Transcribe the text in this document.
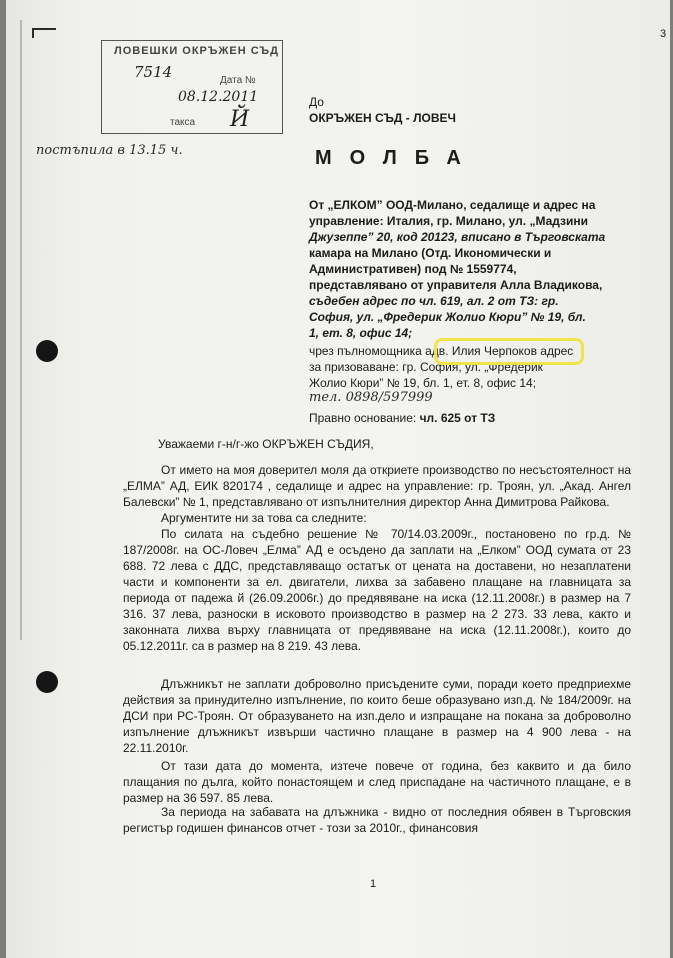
3
ЛОВЕШКИ ОКРЪЖЕН СЪД
7514	Дата №
08.12.2011
такса Й
постъпила в 13.15 ч.
До
ОКРЪЖЕН СЪД - ЛОВЕЧ
МОЛБА
От „ЕЛКОМ” ООД-Милано, седалище и адрес на
управление: Италия, гр. Милано, ул. „Мадзини
Джузеппе” 20, код 20123, вписано в Търговската
камара на Милано (Отд. Икономически и
Административен) под № 1559774,
представлявано от управителя Алла Владикова,
съдебен адрес по чл. 619, ал. 2 от ТЗ: гр.
София, ул. „Фредерик Жолио Кюри” № 19, бл.
1, ет. 8, офис 14;
чрез пълномощника адв. Илия Черпоков адрес
за призоваване: гр. София, ул. „Фредерик
Жолио Кюри” № 19, бл. 1, ет. 8, офис 14;
тел. 0898/597999
Правно основание: чл. 625 от ТЗ
Уважаеми г-н/г-жо ОКРЪЖЕН СЪДИЯ,

От името на моя доверител моля да откриете производство по несъстоятелност на „ЕЛМА” АД, ЕИК 820174 , седалище и адрес на управление: гр. Троян, ул. „Акад. Ангел Балевски” № 1, представлявано от изпълнителния директор Анна Димитрова Райкова.

Аргументите ни за това са следните:

По силата на съдебно решение № 70/14.03.2009г., постановено по гр.д. № 187/2008г. на ОС-Ловеч „Елма” АД е осъдено да заплати на „Елком” ООД сумата от 23 688. 72 лева с ДДС, представляващо остатък от цената на доставени, но незаплатени части и компоненти за ел. двигатели, лихва за забавено плащане на главницата за периода от падежа й (26.09.2006г.) до предявяване на иска (12.11.2008г.) в размер на 7 316. 37 лева, разноски в исковото производство в размер на 2 273. 33 лева, както и законната лихва върху главницата от предявяване на иска (12.11.2008г.), които до 05.12.2011г. са в размер на 8 219. 43 лева.

Длъжникът не заплати доброволно присъдените суми, поради което предприехме действия за принудително изпълнение, по които беше образувано изп.д. № 184/2009г. на ДСИ при РС-Троян. От образуването на изп.дело и изпращане на покана за доброволно изпълнение длъжникът извърши частично плащане в размер на 4 900 лева - на 22.11.2010г.

От тази дата до момента, изтече повече от година, без каквито и да било плащания по дълга, който понастоящем и след приспадане на частичното плащане, е в размер на 36 597. 85 лева.

За периода на забавата на длъжника - видно от последния обявен в Търговския регистър годишен финансов отчет - този за 2010г., финансовия

1
